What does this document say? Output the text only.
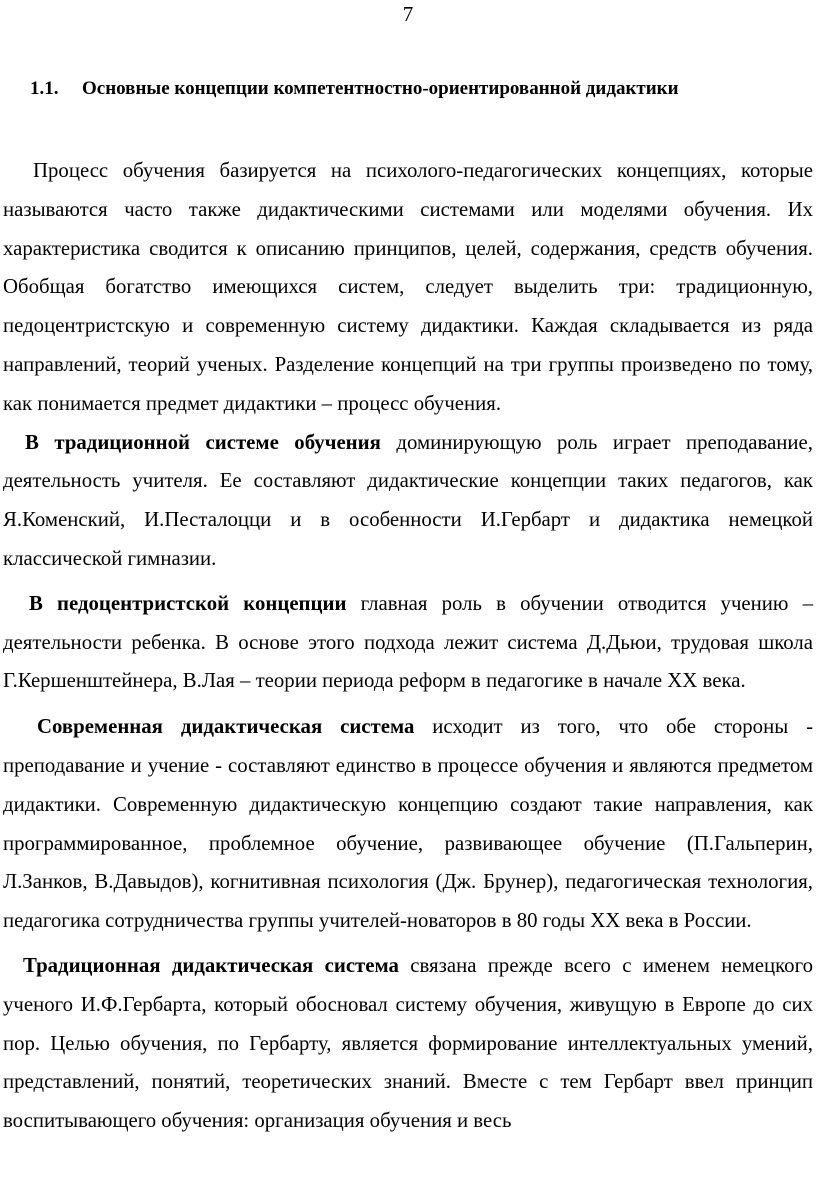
7
1.1. Основные концепции компетентностно-ориентированной дидактики

Процесс обучения базируется на психолого-педагогических концепциях, которые называются часто также дидактическими системами или моделями обучения. Их характеристика сводится к описанию принципов, целей, содержания, средств обучения. Обобщая богатство имеющихся систем, следует выделить три: традиционную, педоцентристскую и современную систему дидактики. Каждая складывается из ряда направлений, теорий ученых. Разделение концепций на три группы произведено по тому, как понимается предмет дидактики – процесс обучения.

В традиционной системе обучения доминирующую роль играет преподавание, деятельность учителя. Ее составляют дидактические концепции таких педагогов, как Я.Коменский, И.Песталоцци и в особенности И.Гербарт и дидактика немецкой классической гимназии.

В педоцентристской концепции главная роль в обучении отводится учению – деятельности ребенка. В основе этого подхода лежит система Д.Дьюи, трудовая школа Г.Кершенштейнера, В.Лая – теории периода реформ в педагогике в начале XX века.

Современная дидактическая система исходит из того, что обе стороны - преподавание и учение - составляют единство в процессе обучения и являются предметом дидактики. Современную дидактическую концепцию создают такие направления, как программированное, проблемное обучение, развивающее обучение (П.Гальперин, Л.Занков, В.Давыдов), когнитивная психология (Дж. Брунер), педагогическая технология, педагогика сотрудничества группы учителей-новаторов в 80 годы XX века в России.

Традиционная дидактическая система связана прежде всего с именем немецкого ученого И.Ф.Гербарта, который обосновал систему обучения, живущую в Европе до сих пор. Целью обучения, по Гербарту, является формирование интеллектуальных умений, представлений, понятий, теоретических знаний. Вместе с тем Гербарт ввел принцип воспитывающего обучения: организация обучения и весь
